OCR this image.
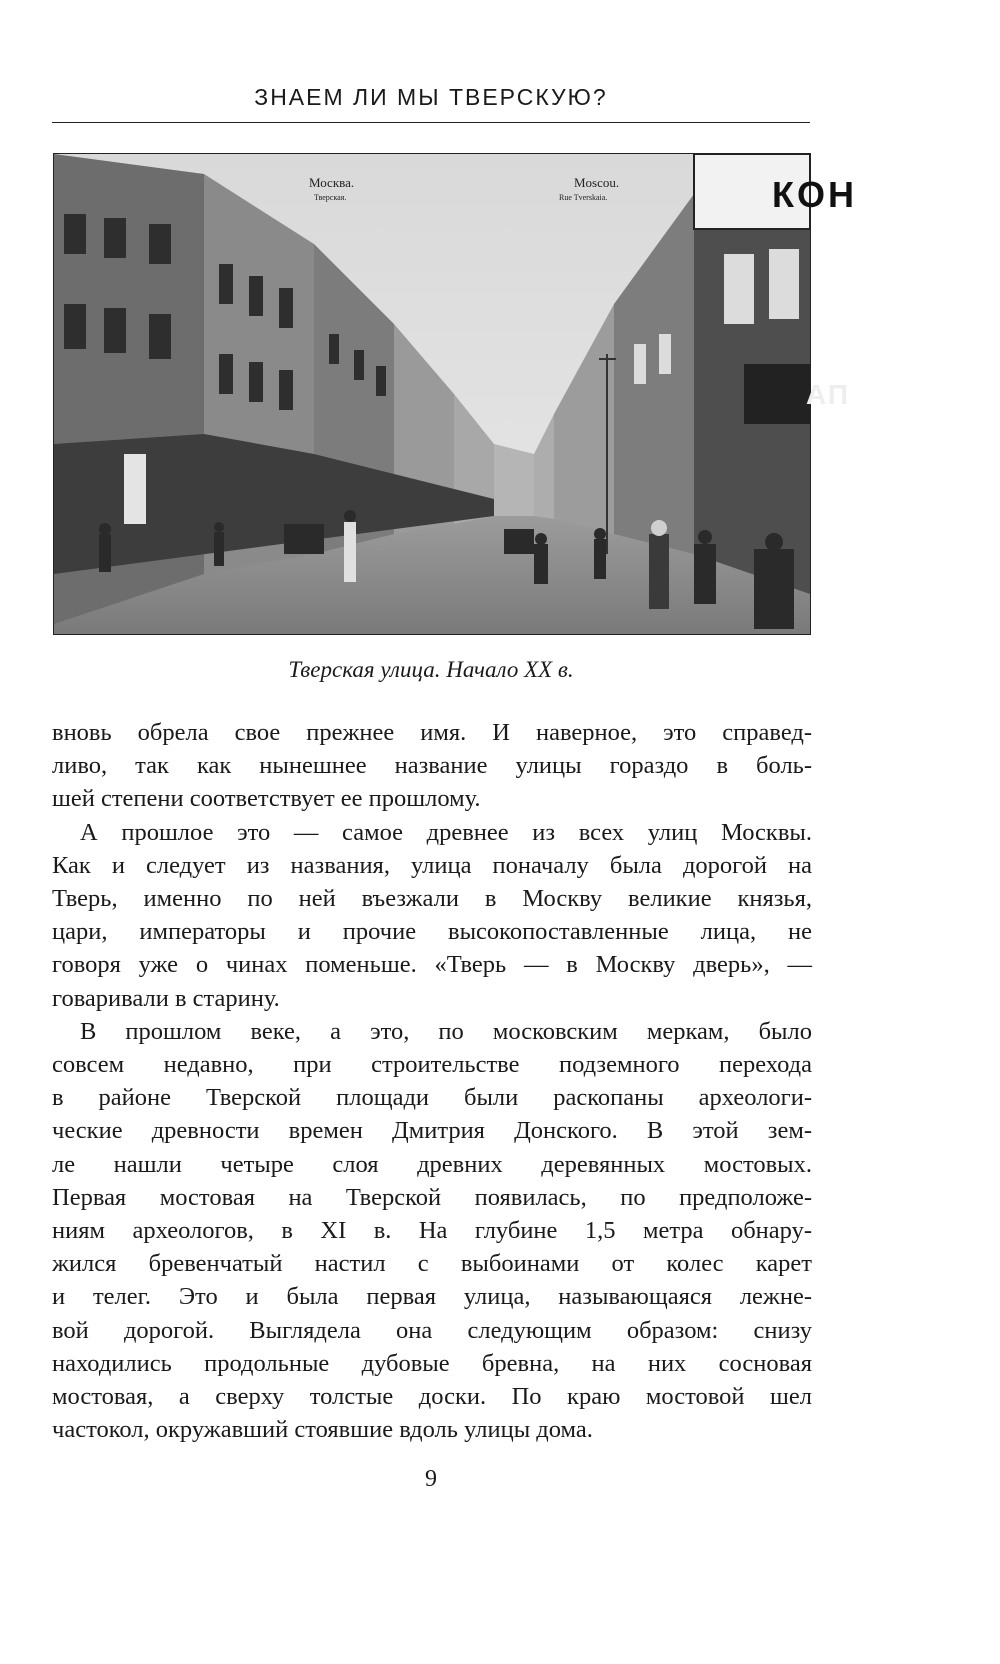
ЗНАЕМ ЛИ МЫ ТВЕРСКУЮ?
Москва.
Тверская.
Moscou.
Rue Tverskaia.	КОН
АП
Тверская улица. Начало XX в.

вновь обрела свое прежнее имя. И наверное, это справед-
ливо, так как нынешнее название улицы гораздо в боль-
шей степени соответствует ее прошлому.

А прошлое это — самое древнее из всех улиц Москвы.
Как и следует из названия, улица поначалу была дорогой на
Тверь, именно по ней въезжали в Москву великие князья,
цари, императоры и прочие высокопоставленные лица, не
говоря уже о чинах поменьше. «Тверь — в Москву дверь», —
говаривали в старину.

В прошлом веке, а это, по московским меркам, было
совсем недавно, при строительстве подземного перехода
в районе Тверской площади были раскопаны археологи-
ческие древности времен Дмитрия Донского. В этой зем-
ле нашли четыре слоя древних деревянных мостовых.
Первая мостовая на Тверской появилась, по предположе-
ниям археологов, в XI в. На глубине 1,5 метра обнару-
жился бревенчатый настил с выбоинами от колес карет
и телег. Это и была первая улица, называющаяся лежне-
вой дорогой. Выглядела она следующим образом: снизу
находились продольные дубовые бревна, на них сосновая
мостовая, а сверху толстые доски. По краю мостовой шел
частокол, окружавший стоявшие вдоль улицы дома.

9
